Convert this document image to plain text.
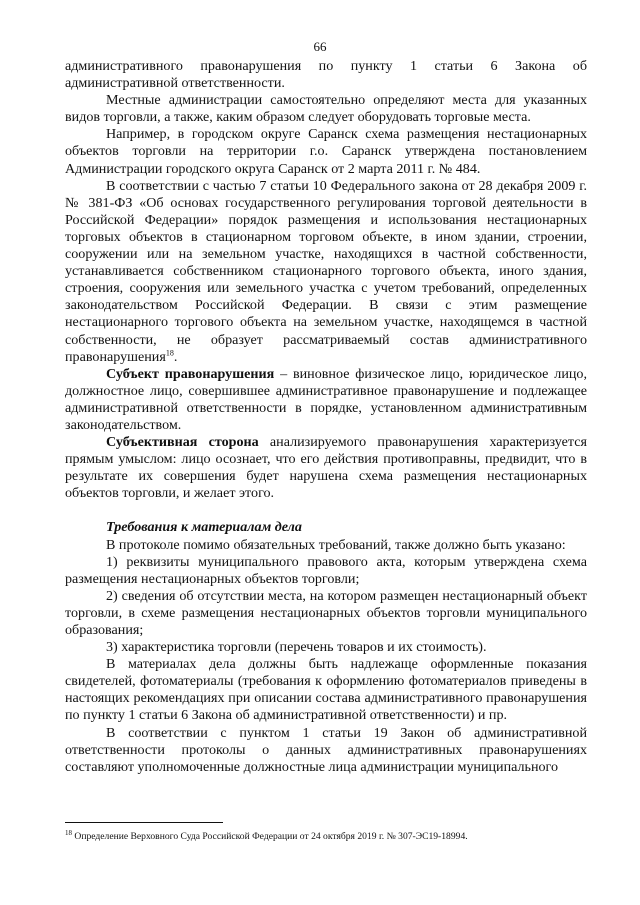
66

административного правонарушения по пункту 1 статьи 6 Закона об административной ответственности.

Местные администрации самостоятельно определяют места для указанных видов торговли, а также, каким образом следует оборудовать торговые места.

Например, в городском округе Саранск схема размещения нестационарных объектов торговли на территории г.о. Саранск утверждена постановлением Администрации городского округа Саранск от 2 марта 2011 г. № 484.

В соответствии с частью 7 статьи 10 Федерального закона от 28 декабря 2009 г. № 381-ФЗ «Об основах государственного регулирования торговой деятельности в Российской Федерации» порядок размещения и использования нестационарных торговых объектов в стационарном торговом объекте, в ином здании, строении, сооружении или на земельном участке, находящихся в частной собственности, устанавливается собственником стационарного торгового объекта, иного здания, строения, сооружения или земельного участка с учетом требований, определенных законодательством Российской Федерации. В связи с этим размещение нестационарного торгового объекта на земельном участке, находящемся в частной собственности, не образует рассматриваемый состав административного правонарушения$^{18}$.

Субъект правонарушения – виновное физическое лицо, юридическое лицо, должностное лицо, совершившее административное правонарушение и подлежащее административной ответственности в порядке, установленном административным законодательством.

Субъективная сторона анализируемого правонарушения характеризуется прямым умыслом: лицо осознает, что его действия противоправны, предвидит, что в результате их совершения будет нарушена схема размещения нестационарных объектов торговли, и желает этого.

Требования к материалам дела

В протоколе помимо обязательных требований, также должно быть указано:

1) реквизиты муниципального правового акта, которым утверждена схема размещения нестационарных объектов торговли;

2) сведения об отсутствии места, на котором размещен нестационарный объект торговли, в схеме размещения нестационарных объектов торговли муниципального образования;

3) характеристика торговли (перечень товаров и их стоимость).

В материалах дела должны быть надлежаще оформленные показания свидетелей, фотоматериалы (требования к оформлению фотоматериалов приведены в настоящих рекомендациях при описании состава административного правонарушения по пункту 1 статьи 6 Закона об административной ответственности) и пр.

В соответствии с пунктом 1 статьи 19 Закон об административной ответственности протоколы о данных административных правонарушениях составляют уполномоченные должностные лица администрации муниципального

$^{18}$ Определение Верховного Суда Российской Федерации от 24 октября 2019 г. № 307-ЭС19-18994.
